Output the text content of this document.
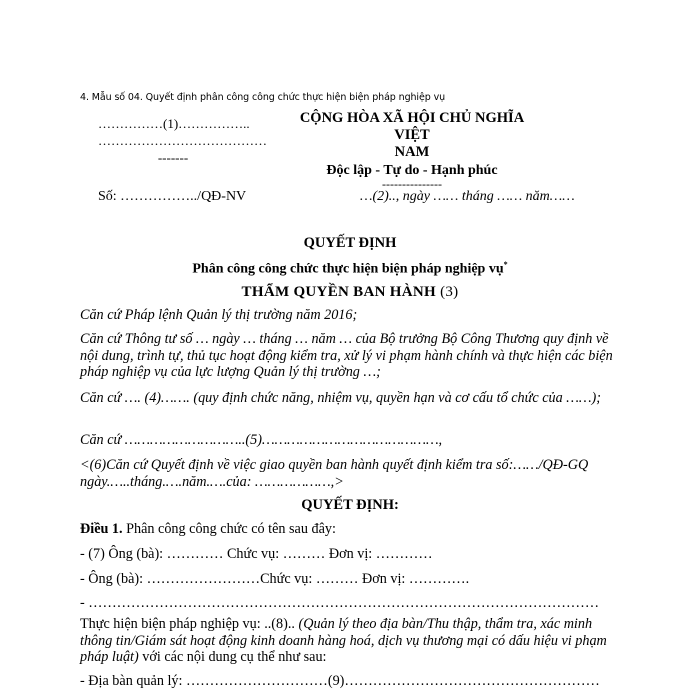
4. Mẫu số 04. Quyết định phân công công chức thực hiện biện pháp nghiệp vụ
……………(1)……………..
…………………………………
-------
CỘNG HÒA XÃ HỘI CHỦ NGHĨA VIỆT
NAM
Độc lập - Tự do - Hạnh phúc
---------------
Số: ……………../QĐ-NV	…(2).., ngày …… tháng …… năm……
QUYẾT ĐỊNH
Phân công công chức thực hiện biện pháp nghiệp vụ*
THẨM QUYỀN BAN HÀNH (3)
Căn cứ Pháp lệnh Quản lý thị trường năm 2016;
Căn cứ Thông tư số … ngày … tháng … năm … của Bộ trưởng Bộ Công Thương quy định về nội dung, trình tự, thủ tục hoạt động kiểm tra, xử lý vi phạm hành chính và thực hiện các biện pháp nghiệp vụ của lực lượng Quản lý thị trường …;
Căn cứ …. (4)……. (quy định chức năng, nhiệm vụ, quyền hạn và cơ cấu tổ chức của ……);
Căn cứ ………………………..(5)……………………………………,
<(6)Căn cứ Quyết định về việc giao quyền ban hành quyết định kiểm tra số:……/QĐ-GQ ngày.…..tháng.….năm.….của: ………………,>
QUYẾT ĐỊNH:
Điều 1. Phân công công chức có tên sau đây:
- (7) Ông (bà): ………… Chức vụ: ……… Đơn vị: …………
- Ông (bà): ……………………Chức vụ: ……… Đơn vị: ………….
- ………………………………………………………………………………………………
Thực hiện biện pháp nghiệp vụ: ..(8).. (Quản lý theo địa bàn/Thu thập, thẩm tra, xác minh thông tin/Giám sát hoạt động kinh doanh hàng hoá, dịch vụ thương mại có dấu hiệu vi phạm pháp luật) với các nội dung cụ thể như sau:
- Địa bàn quản lý: …………………………(9)………………………………………………
